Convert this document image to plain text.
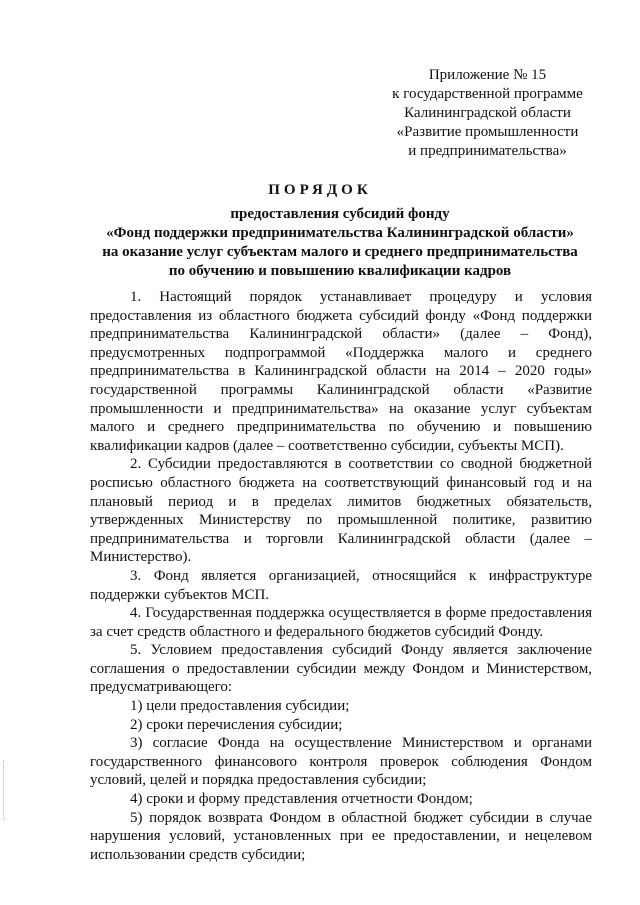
Приложение № 15
к государственной программе
Калининградской области
«Развитие промышленности
и предпринимательства»
ПОРЯДОК
предоставления субсидий фонду
«Фонд поддержки предпринимательства Калининградской области»
на оказание услуг субъектам малого и среднего предпринимательства
по обучению и повышению квалификации кадров

1. Настоящий порядок устанавливает процедуру и условия предоставления из областного бюджета субсидий фонду «Фонд поддержки предпринимательства Калининградской области» (далее – Фонд), предусмотренных подпрограммой «Поддержка малого и среднего предпринимательства в Калининградской области на 2014 – 2020 годы» государственной программы Калининградской области «Развитие промышленности и предпринимательства» на оказание услуг субъектам малого и среднего предпринимательства по обучению и повышению квалификации кадров (далее – соответственно субсидии, субъекты МСП).

2. Субсидии предоставляются в соответствии со сводной бюджетной росписью областного бюджета на соответствующий финансовый год и на плановый период и в пределах лимитов бюджетных обязательств, утвержденных Министерству по промышленной политике, развитию предпринимательства и торговли Калининградской области (далее – Министерство).

3. Фонд является организацией, относящийся к инфраструктуре поддержки субъектов МСП.

4. Государственная поддержка осуществляется в форме предоставления за счет средств областного и федерального бюджетов субсидий Фонду.

5. Условием предоставления субсидий Фонду является заключение соглашения о предоставлении субсидии между Фондом и Министерством, предусматривающего:

1) цели предоставления субсидии;

2) сроки перечисления субсидии;

3) согласие Фонда на осуществление Министерством и органами государственного финансового контроля проверок соблюдения Фондом условий, целей и порядка предоставления субсидии;

4) сроки и форму представления отчетности Фондом;

5) порядок возврата Фондом в областной бюджет субсидии в случае нарушения условий, установленных при ее предоставлении, и нецелевом использовании средств субсидии;
